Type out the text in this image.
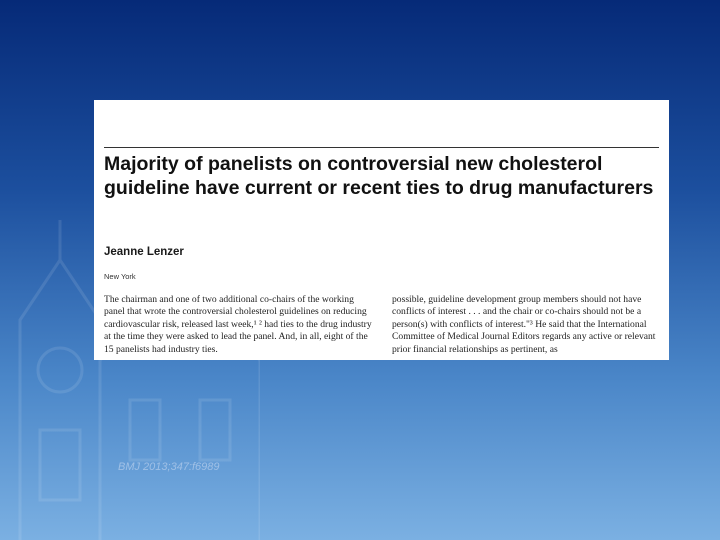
Majority of panelists on controversial new cholesterol guideline have current or recent ties to drug manufacturers
Jeanne Lenzer
New York

The chairman and one of two additional co-chairs of the working panel that wrote the controversial cholesterol guidelines on reducing cardiovascular risk, released last week,¹ ² had ties to the drug industry at the time they were asked to lead the panel. And, in all, eight of the 15 panelists had industry ties.

possible, guideline development group members should not have conflicts of interest . . . and the chair or co-chairs should not be a person(s) with conflicts of interest."³ He said that the International Committee of Medical Journal Editors regards any active or relevant prior financial relationships as pertinent, as

BMJ 2013;347:f6989
